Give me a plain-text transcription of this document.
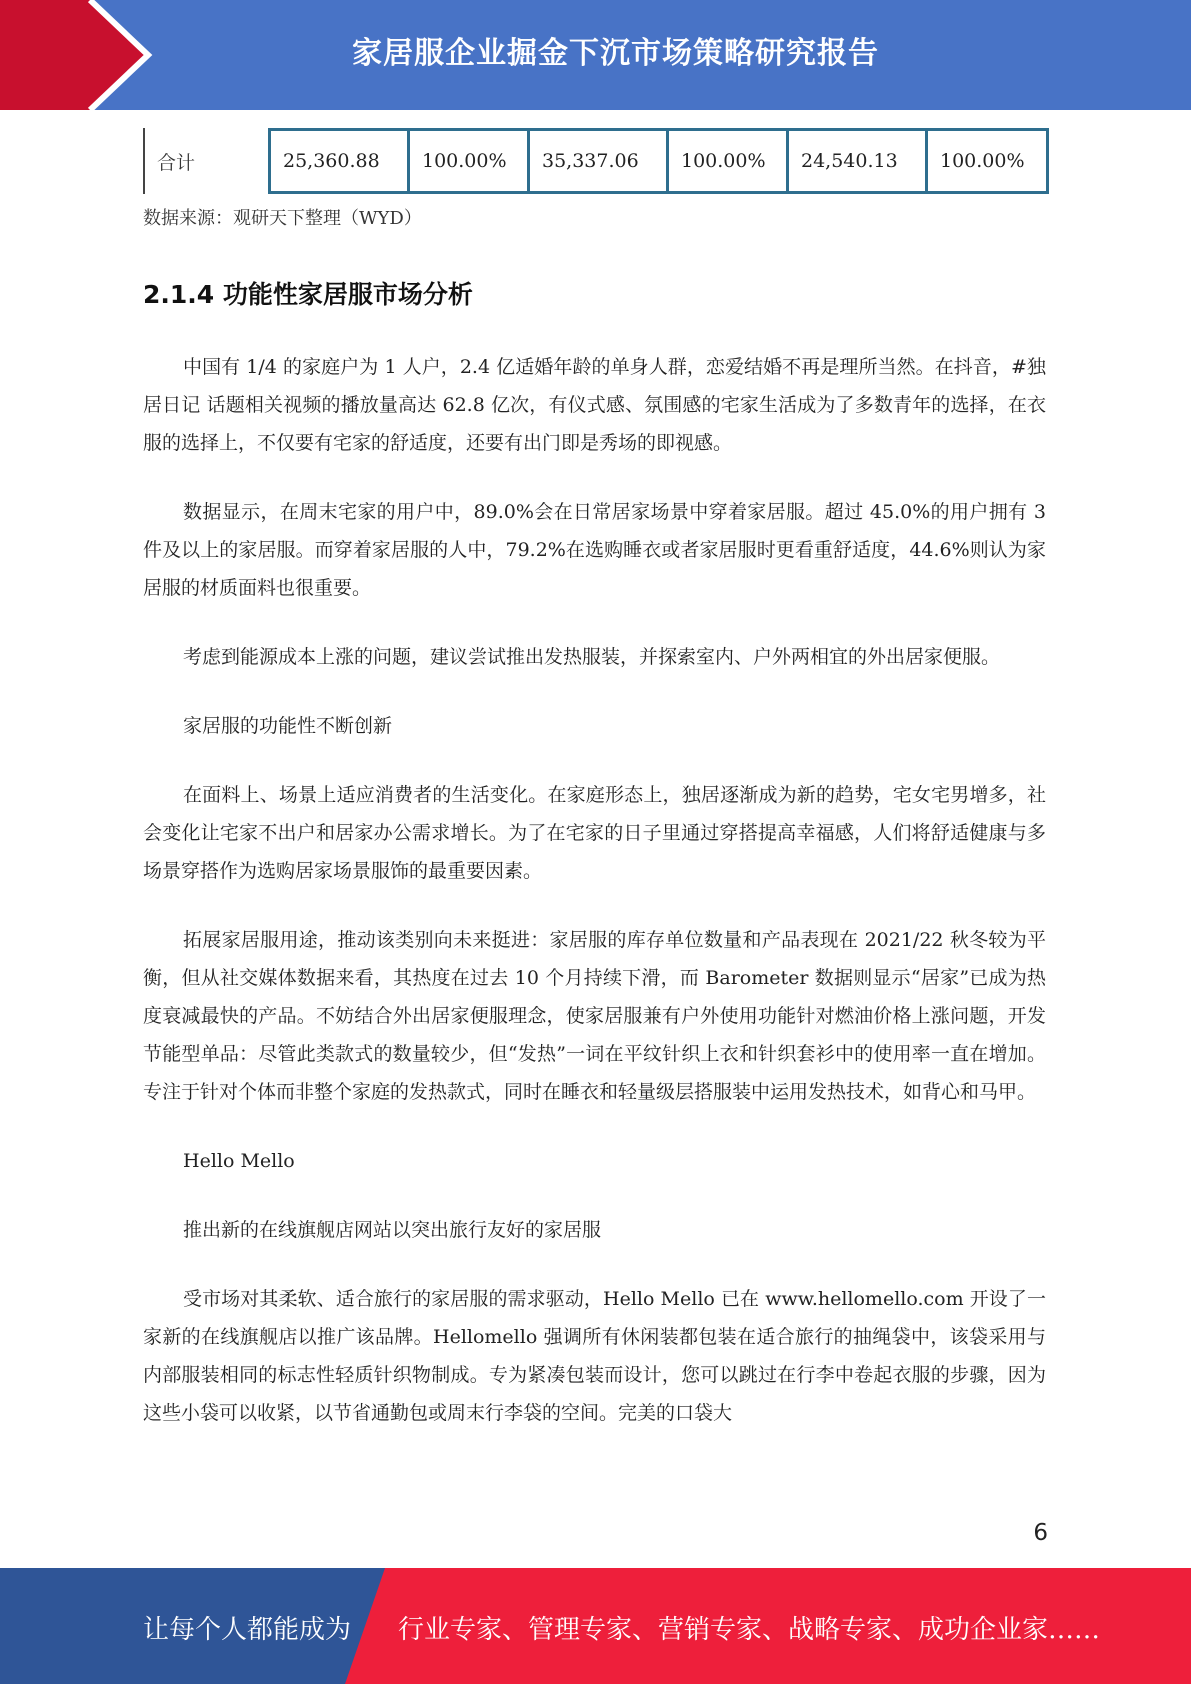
家居服企业掘金下沉市场策略研究报告
合计	25,360.88	100.00%	35,337.06	100.00%	24,540.13	100.00%
数据来源：观研天下整理（WYD）
2.1.4 功能性家居服市场分析

中国有 1/4 的家庭户为 1 人户，2.4 亿适婚年龄的单身人群，恋爱结婚不再是理所当然。在抖音，#独居日记 话题相关视频的播放量高达 62.8 亿次，有仪式感、氛围感的宅家生活成为了多数青年的选择，在衣服的选择上，不仅要有宅家的舒适度，还要有出门即是秀场的即视感。

数据显示，在周末宅家的用户中，89.0%会在日常居家场景中穿着家居服。超过 45.0%的用户拥有 3 件及以上的家居服。而穿着家居服的人中，79.2%在选购睡衣或者家居服时更看重舒适度，44.6%则认为家居服的材质面料也很重要。

考虑到能源成本上涨的问题，建议尝试推出发热服装，并探索室内、户外两相宜的外出居家便服。

家居服的功能性不断创新

在面料上、场景上适应消费者的生活变化。在家庭形态上，独居逐渐成为新的趋势，宅女宅男增多，社会变化让宅家不出户和居家办公需求增长。为了在宅家的日子里通过穿搭提高幸福感，人们将舒适健康与多场景穿搭作为选购居家场景服饰的最重要因素。

拓展家居服用途，推动该类别向未来挺进：家居服的库存单位数量和产品表现在 2021/22 秋冬较为平衡，但从社交媒体数据来看，其热度在过去 10 个月持续下滑，而 Barometer 数据则显示“居家”已成为热度衰减最快的产品。不妨结合外出居家便服理念，使家居服兼有户外使用功能针对燃油价格上涨问题，开发节能型单品：尽管此类款式的数量较少，但“发热”一词在平纹针织上衣和针织套衫中的使用率一直在增加。专注于针对个体而非整个家庭的发热款式，同时在睡衣和轻量级层搭服装中运用发热技术，如背心和马甲。

Hello Mello

推出新的在线旗舰店网站以突出旅行友好的家居服

受市场对其柔软、适合旅行的家居服的需求驱动，Hello Mello 已在 www.hellomello.com 开设了一家新的在线旗舰店以推广该品牌。Hellomello 强调所有休闲装都包装在适合旅行的抽绳袋中，该袋采用与内部服装相同的标志性轻质针织物制成。专为紧凑包装而设计，您可以跳过在行李中卷起衣服的步骤，因为这些小袋可以收紧，以节省通勤包或周末行李袋的空间。完美的口袋大

6
让每个人都能成为 行业专家、管理专家、营销专家、战略专家、成功企业家……
